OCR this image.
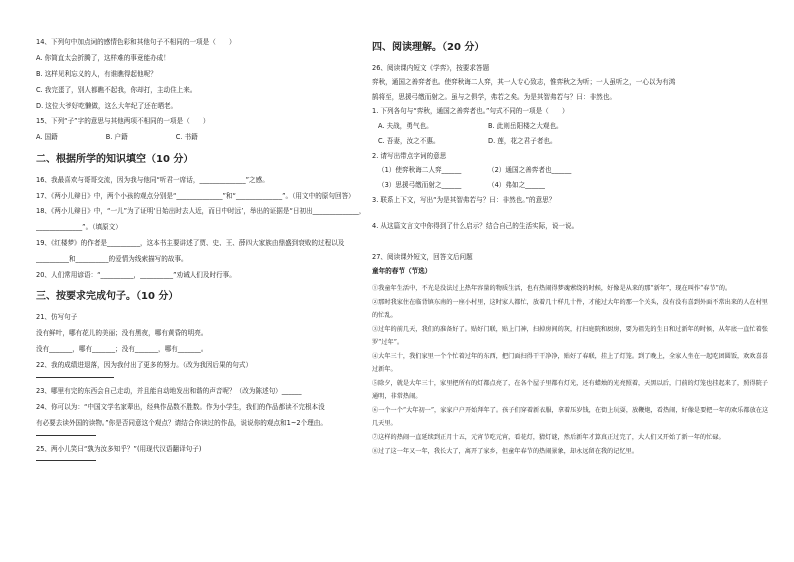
14、下列句中加点词的感情色彩和其他句子不相同的一项是（　　）
A. 你简直太会折腾了，这样难的事竟能办成！
B. 这样见利忘义的人，有谁瞧得起他呢？
C. 我完蛋了，别人都瞧不起我，你却打，主动住上来。
D. 这位大爷好吃懒做，这么大年纪了还在晒老。
15、下列“子”字的意思与其他两项不相同的一项是（　　）
A. 国籍	B. 户籍	C. 书籍
二、根据所学的知识填空（10 分）
16、我最喜欢与哥哥交流，因为我与他同“听君一席话，______________”之感。
17、《两小儿辩日》中，两个小孩的观点分别是“______________”和“______________”。（用文中的原句回答）
18、《两小儿辩日》中，“一儿”为了证明‘日始出时去人近，而日中时远’，举出的证据是“日初出______________，
______________”。（填原文）
19、《红楼梦》的作者是__________，这本书主要讲述了贾、史、王、薛四大家族由鼎盛到衰败的过程以及
__________和__________的爱情为线索描写的故事。
20、人们常用谚语：“__________，__________”劝诫人们及时行事。
三、按要求完成句子。（10 分）
21、仿写句子
没有鲜叶，哪有花儿的美丽；没有黑夜，哪有黄昏的明亮。
没有_______，哪有_______；没有_______，哪有_______。
22、我的成绩进退落，因为我付出了更多的努力。（改为我因后果的句式）
23、哪里有完的东西会自己走动，并且能自动地发出和谐的声音呢？（改为陈述句）______
24、你可以为：“中国文学名家辈出，经典作品数不胜数。作为小学生，我们的作品都读不完根本没
有必要去读外国的读物。”你是否同意这个观点？请结合你读过的作品，说说你的观点和1~2个理由。
25、两小儿笑曰“孰为汝多知乎？”(用现代汉语翻译句子)
四、阅读理解。（20 分）
26、阅读课内短文《学弈》，按要求答题
弈秋，通国之善弈者也。使弈秋诲二人弈，其一人专心致志，惟弈秋之为听；一人虽听之，一心以为有鸿
鹄将至，思援弓缴而射之。虽与之俱学，弗若之矣。为是其智弗若与？曰：非然也。
1. 下列各句与“弈秋，通国之善弈者也。”句式不同的一项是（　　）
A. 夫战，勇气也。	B. 此则岳阳楼之大观也。
C. 吾妻，汝之不惠。	D. 莲，花之君子者也。
2. 请写出带点字词的意思
（1）使弈秋诲二人弈______	（2）通国之善弈者也______
（3）思援弓缴而射之______	（4）弗如之______
3. 联系上下文，写出“为是其智弗若与？曰：非然也。”的意思？
4. 从这篇文言文中你得到了什么启示？结合自己的生活实际，说一说。
27、阅读课外短文，回答文后问题
童年的春节（节选）

①我童年生活中，不光是没法过上热年容量的物质生活，也有热闹得梦魂萦绕的时候，好像是从来的那“新年”，现在叫作“春节”的。

②那时我家住在临背镇东南的一座小村里，这时家人都忙，放着几十样几十件，才能过大年的那一个关头，没有没有喜到外面不常出来的人在村里的忙乱。

③过年的前几天，我们的准备好了。贴好门联，贴上门神，扫掉房间的灰，打扫庭院和厨房，要为祖先的生日和过新年的时候，从年底一直忙着张罗“过年”。

④大年三十，我们家里一个个忙着过年的东西，把门面扫得干干净净，贴好了春联，挂上了灯笼。到了晚上，全家人坐在一起吃团圆饭，欢欢喜喜过新年。

⑤除夕，就是大年三十，家里把所有的灯都点亮了，在各个屋子里都有灯光，还有蜡烛的光亮照着，天黑以后，门前的灯笼也挂起来了，照得院子通明，非常热闹。

⑥一个一个“大年初一”，家家户户开始拜年了。孩子们穿着新衣服，拿着压岁钱，在街上玩耍，放鞭炮，看热闹，好像是要把一年的欢乐都放在这几天里。

⑦这样的热闹一直延续到正月十五，元宵节吃元宵，看花灯，猜灯谜，然后新年才算真正过完了，大人们又开始了新一年的忙碌。

⑧过了这一年又一年，我长大了，离开了家乡，但童年春节的热闹景象，却永远留在我的记忆里。
